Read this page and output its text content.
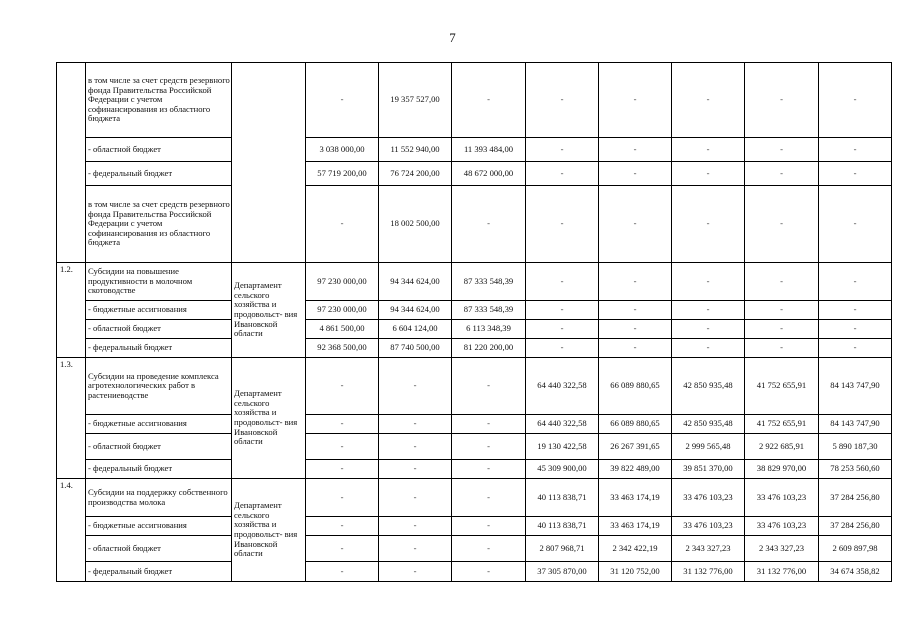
7
	в том числе за счет средств резервного фонда Правительства Российской Федерации с учетом софинансирования из областного бюджета		-	19 357 527,00	-	-	-	-	-	-
	- областной бюджет		3 038 000,00	11 552 940,00	11 393 484,00	-	-	-	-	-
	- федеральный бюджет		57 719 200,00	76 724 200,00	48 672 000,00	-	-	-	-	-
	в том числе за счет средств резервного фонда Правительства Российской Федерации с учетом софинансирования из областного бюджета		-	18 002 500,00	-	-	-	-	-	-
1.2.	Субсидии на повышение продуктивности в молочном скотоводстве	Департамент сельского хозяйства и продовольст- вия Ивановской области	97 230 000,00	94 344 624,00	87 333 548,39	-	-	-	-	-
	- бюджетные ассигнования		97 230 000,00	94 344 624,00	87 333 548,39	-	-	-	-	-
	- областной бюджет		4 861 500,00	6 604 124,00	6 113 348,39	-	-	-	-	-
	- федеральный бюджет		92 368 500,00	87 740 500,00	81 220 200,00	-	-	-	-	-
1.3.	Субсидии на проведение комплекса агротехнологических работ в растениеводстве	Департамент сельского хозяйства и продовольст- вия Ивановской области	-	-	-	64 440 322,58	66 089 880,65	42 850 935,48	41 752 655,91	84 143 747,90
	- бюджетные ассигнования		-	-	-	64 440 322,58	66 089 880,65	42 850 935,48	41 752 655,91	84 143 747,90
	- областной бюджет		-	-	-	19 130 422,58	26 267 391,65	2 999 565,48	2 922 685,91	5 890 187,30
	- федеральный бюджет		-	-	-	45 309 900,00	39 822 489,00	39 851 370,00	38 829 970,00	78 253 560,60
1.4.	Субсидии на поддержку собственного производства молока	Департамент сельского хозяйства и продовольст- вия Ивановской области	-	-	-	40 113 838,71	33 463 174,19	33 476 103,23	33 476 103,23	37 284 256,80
	- бюджетные ассигнования		-	-	-	40 113 838,71	33 463 174,19	33 476 103,23	33 476 103,23	37 284 256,80
	- областной бюджет		-	-	-	2 807 968,71	2 342 422,19	2 343 327,23	2 343 327,23	2 609 897,98
	- федеральный бюджет		-	-	-	37 305 870,00	31 120 752,00	31 132 776,00	31 132 776,00	34 674 358,82
